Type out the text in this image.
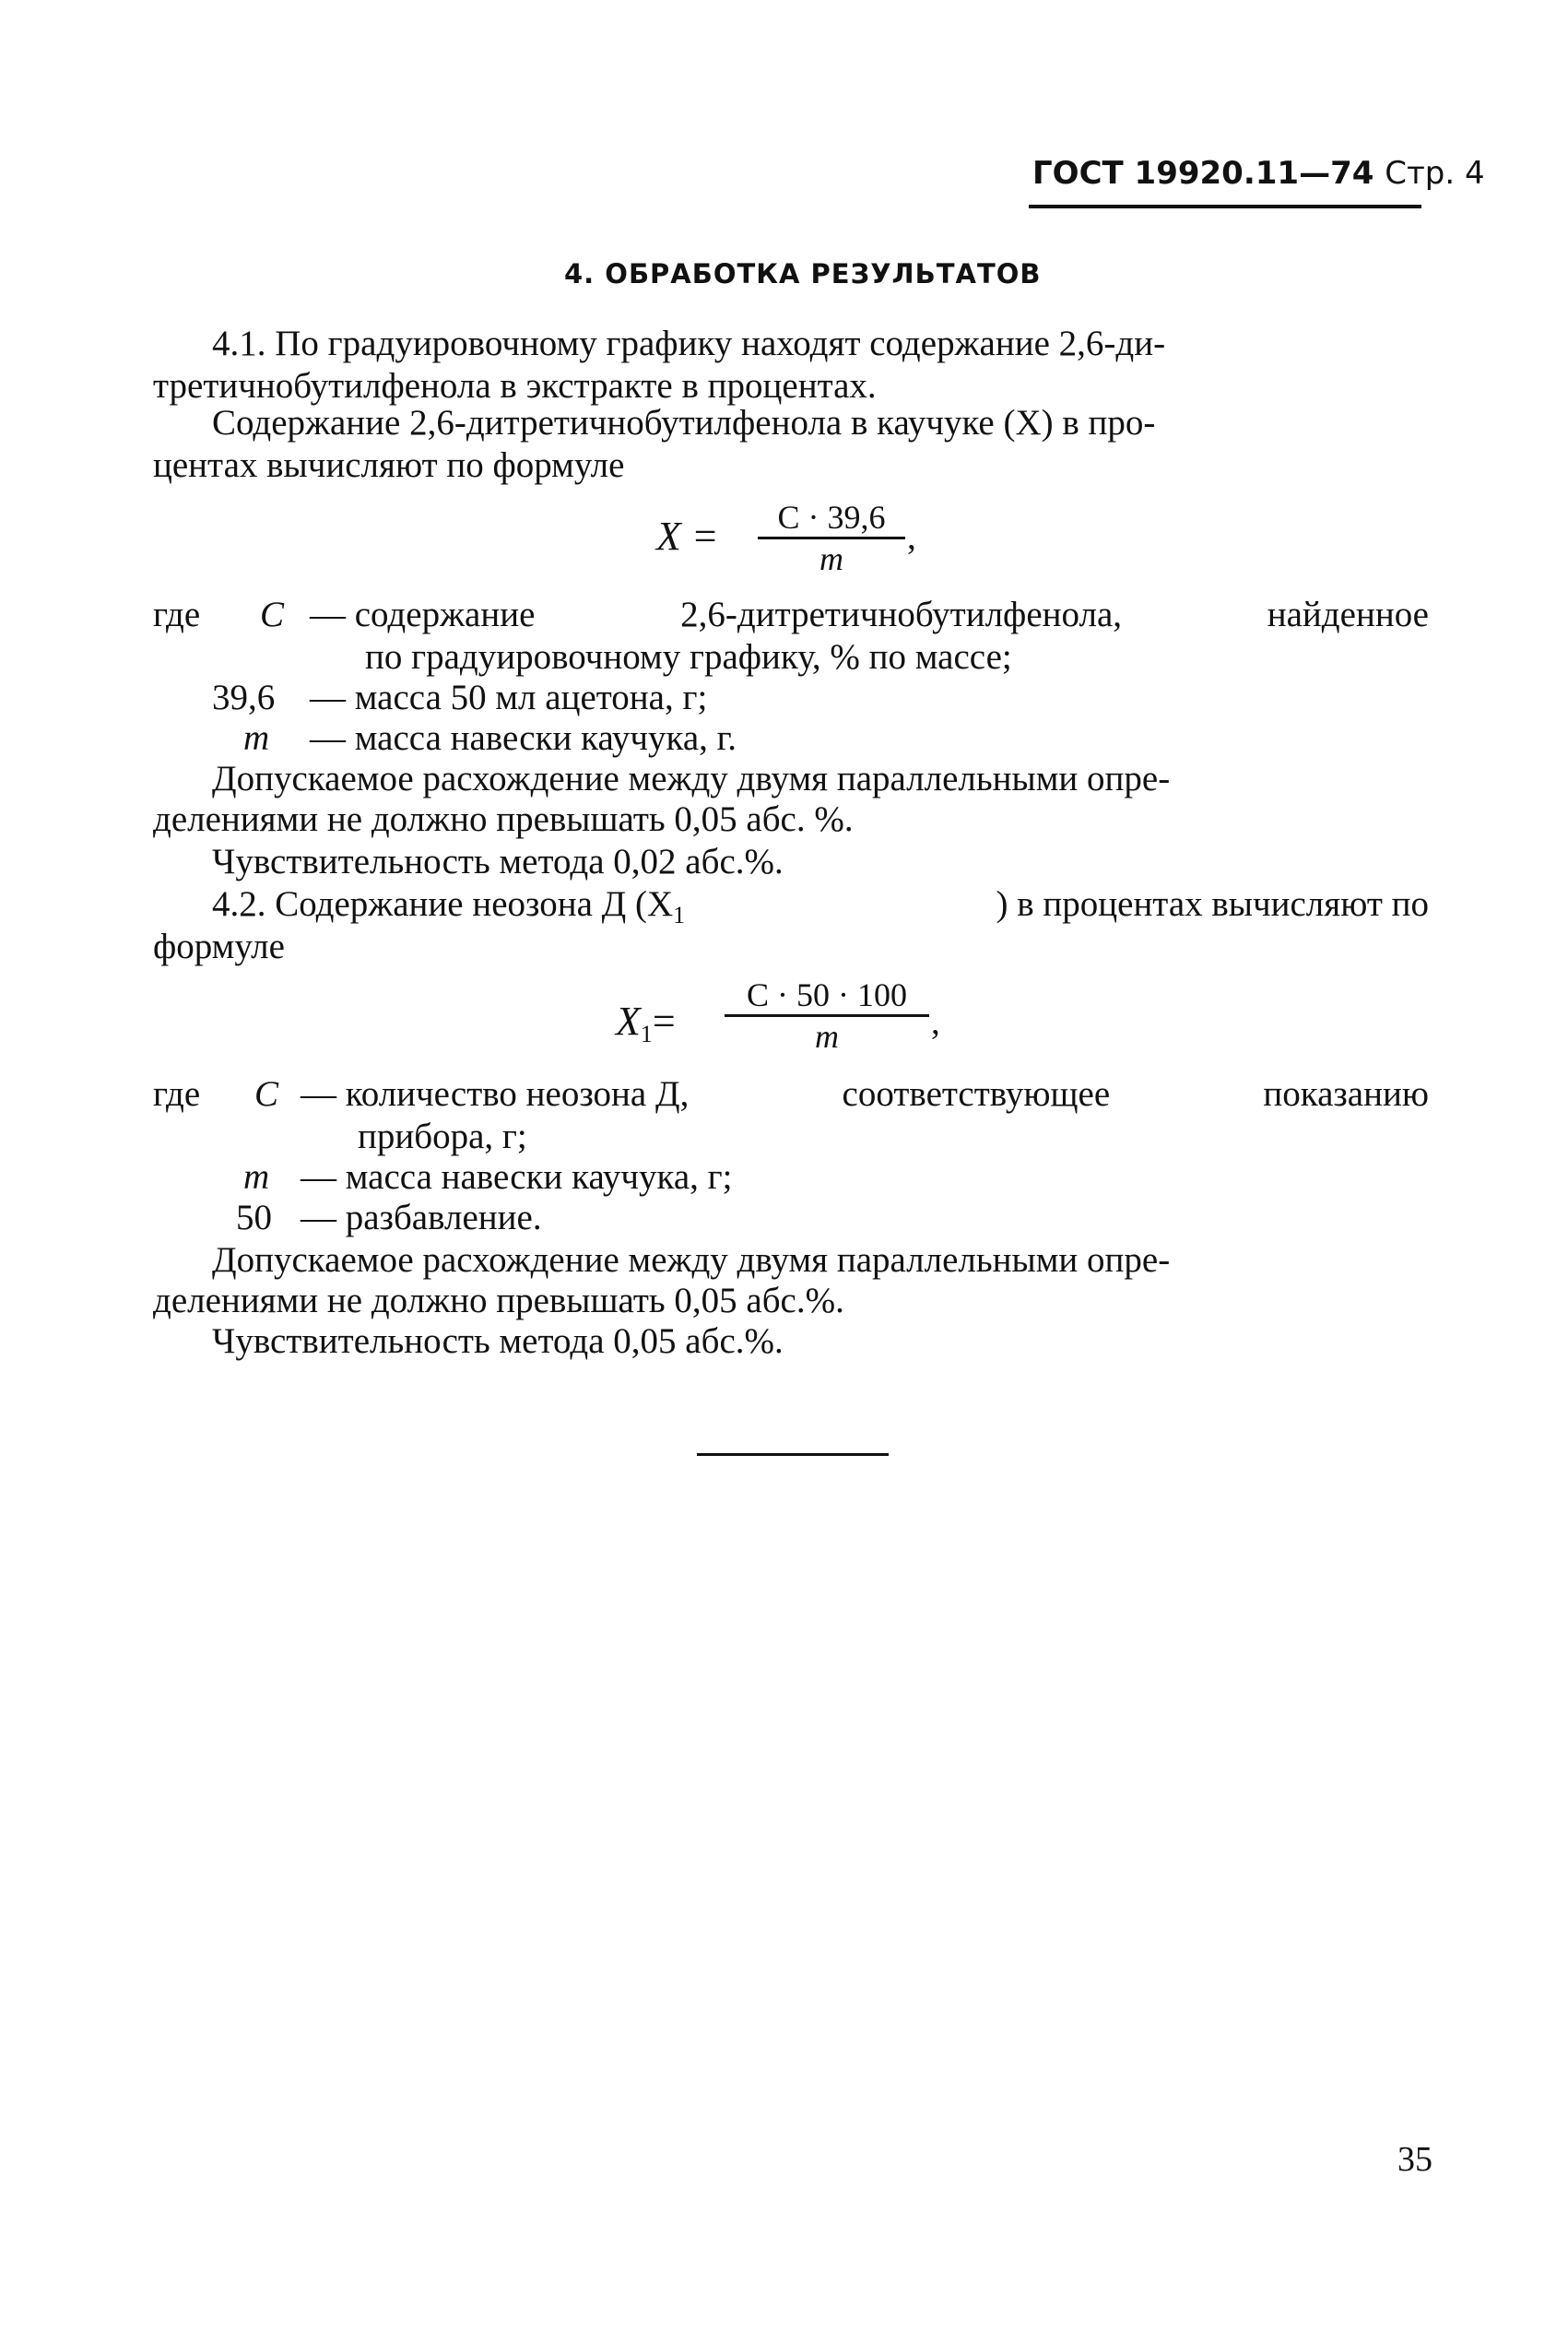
ГОСТ 19920.11—74 Стр. 4
4. ОБРАБОТКА РЕЗУЛЬТАТОВ
4.1. По градуировочному графику находят содержание 2,6-ди-
третичнобутилфенола в экстракте в процентах.
Содержание 2,6-дитретичнобутилфенола в каучуке (X) в про-
центах вычисляют по формуле
X =	C · 39,6
m
,
где C — содержание	2,6-дитретичнобутилфенола,	найденное
по градуировочному графику, % по массе;
39,6 — масса 50 мл ацетона, г;
m — масса навески каучука, г.
Допускаемое расхождение между двумя параллельными опре-
делениями не должно превышать 0,05 абс. %.
Чувствительность метода 0,02 абс.%.
4.2. Содержание неозона Д ($X_1$	) в процентах вычисляют по
формуле
$X_1=$
C · 50 · 100
m	,
где C — количество неозона Д,	соответствующее	показанию
прибора, г;
m — масса навески каучука, г;
50 — разбавление.
Допускаемое расхождение между двумя параллельными опре-
делениями не должно превышать 0,05 абс.%.
Чувствительность метода 0,05 абс.%.
35
